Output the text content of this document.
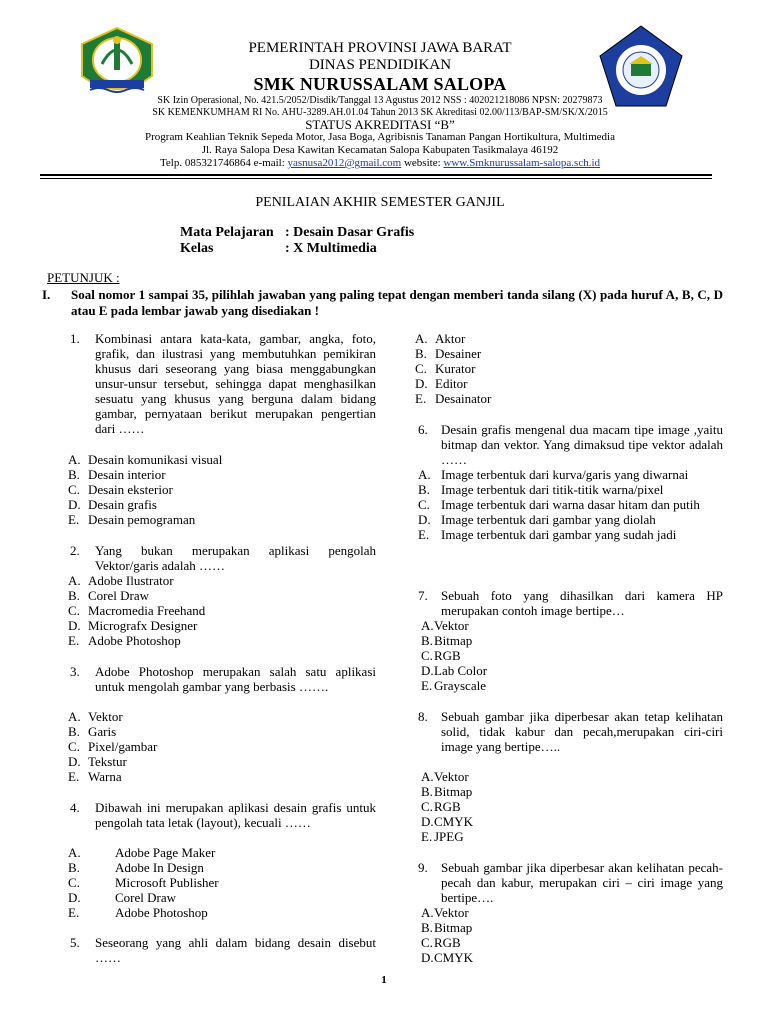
PEMERINTAH PROVINSI JAWA BARAT
DINAS PENDIDIKAN
SMK NURUSSALAM SALOPA
SK Izin Operasional, No. 421.5/2052/Disdik/Tanggal 13 Agustus 2012 NSS : 402021218086 NPSN: 20279873
SK KEMENKUMHAM RI No. AHU-3289.AH.01.04 Tahun 2013 SK Akreditasi 02.00/113/BAP-SM/SK/X/2015
STATUS AKREDITASI “B”
Program Keahlian Teknik Sepeda Motor, Jasa Boga, Agribisnis Tanaman Pangan Hortikultura, Multimedia
Jl. Raya Salopa Desa Kawitan Kecamatan Salopa Kabupaten Tasikmalaya 46192
Telp. 085321746864 e-mail: yasnusa2012@gmail.com website: www.Smknurussalam-salopa.sch.id
PENILAIAN AKHIR SEMESTER GANJIL
Mata Pelajaran : Desain Dasar Grafis
Kelas	: X Multimedia
PETUNJUK :
I. Soal nomor 1 sampai 35, pilihlah jawaban yang paling tepat dengan memberi tanda silang (X) pada huruf A, B, C, D atau E pada lembar jawab yang disediakan !
1. Kombinasi antara kata-kata, gambar, angka, foto, grafik, dan ilustrasi yang membutuhkan pemikiran khusus dari seseorang yang biasa menggabungkan unsur-unsur tersebut, sehingga dapat menghasilkan sesuatu yang khusus yang berguna dalam bidang gambar, pernyataan berikut merupakan pengertian dari ……
A. Desain komunikasi visual
B. Desain interior
C. Desain eksterior
D. Desain grafis
E. Desain pemograman
2. Yang bukan merupakan aplikasi pengolah Vektor/garis adalah ……
A. Adobe Ilustrator
B. Corel Draw
C. Macromedia Freehand
D. Micrografx Designer
E. Adobe Photoshop
3. Adobe Photoshop merupakan salah satu aplikasi untuk mengolah gambar yang berbasis …….
A. Vektor
B. Garis
C. Pixel/gambar
D. Tekstur
E. Warna
4. Dibawah ini merupakan aplikasi desain grafis untuk pengolah tata letak (layout), kecuali ……
A.	Adobe Page Maker
B.	Adobe In Design
C.	Microsoft Publisher
D.	Corel Draw
E.	Adobe Photoshop
5. Seseorang yang ahli dalam bidang desain disebut ……
A. Aktor
B. Desainer
C. Kurator
D. Editor
E. Desainator
6. Desain grafis mengenal dua macam tipe image ,yaitu bitmap dan vektor. Yang dimaksud tipe vektor adalah ……
A. Image terbentuk dari kurva/garis yang diwarnai
B. Image terbentuk dari titik-titik warna/pixel
C. Image terbentuk dari warna dasar hitam dan putih
D. Image terbentuk dari gambar yang diolah
E. Image terbentuk dari gambar yang sudah jadi
7. Sebuah foto yang dihasilkan dari kamera HP merupakan contoh image bertipe…
A.Vektor
B.Bitmap
C.RGB
D.Lab Color
E. Grayscale
8. Sebuah gambar jika diperbesar akan tetap kelihatan solid, tidak kabur dan pecah,merupakan ciri-ciri image yang bertipe…..
A.Vektor
B.Bitmap
C.RGB
D.CMYK
E. JPEG
9. Sebuah gambar jika diperbesar akan kelihatan pecah-pecah dan kabur, merupakan ciri – ciri image yang bertipe….
A.Vektor
B.Bitmap
C.RGB
D.CMYK
1
